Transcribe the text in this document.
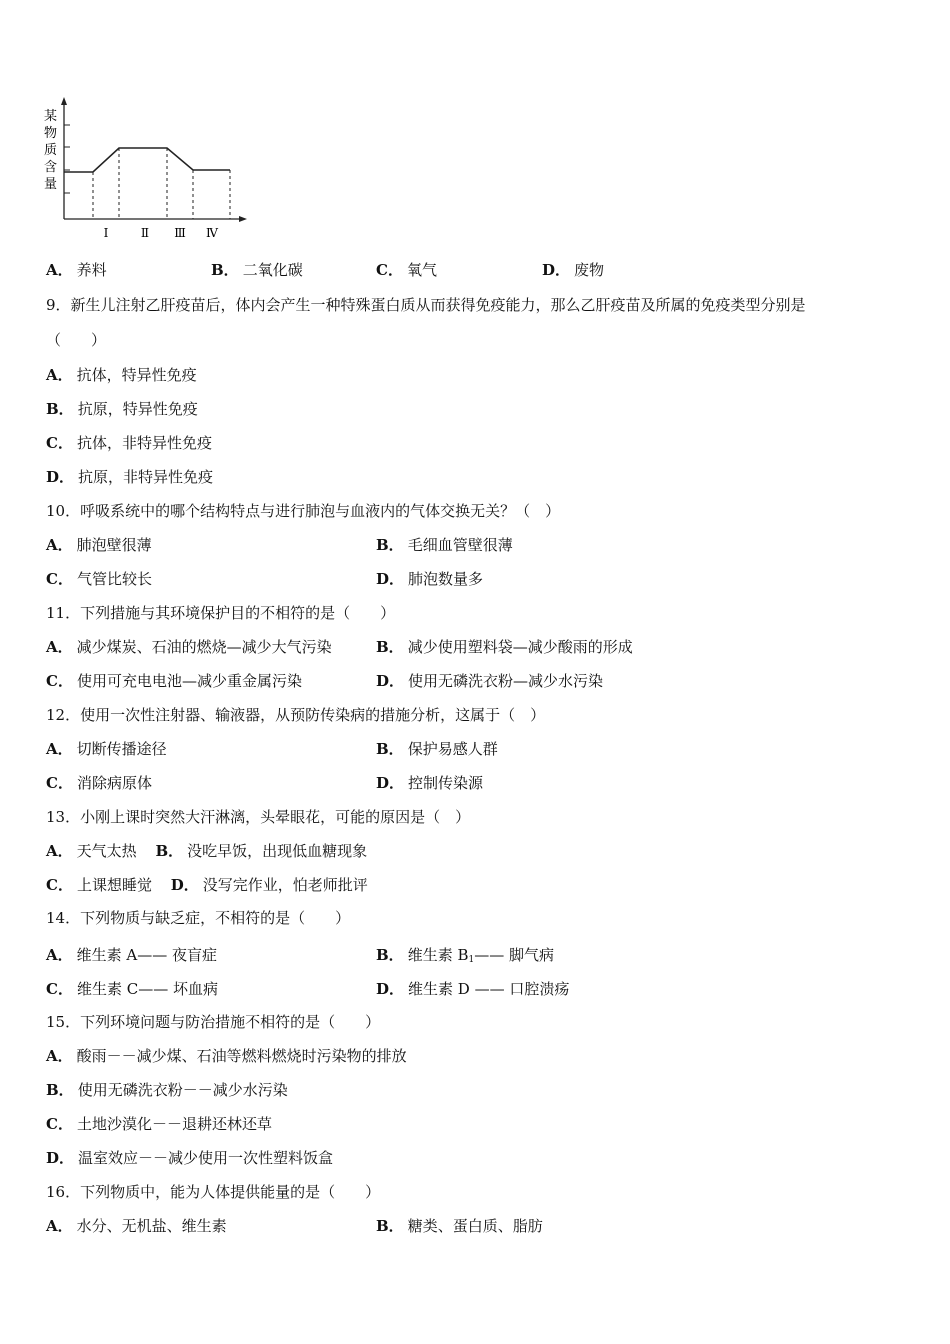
某
物
质
含
量
Ⅰ	Ⅱ Ⅲ Ⅳ
A． 养料	B． 二氧化碳	C． 氧气	D． 废物
9．新生儿注射乙肝疫苗后，体内会产生一种特殊蛋白质从而获得免疫能力，那么乙肝疫苗及所属的免疫类型分别是
（　　）
A． 抗体，特异性免疫
B． 抗原，特异性免疫
C． 抗体，非特异性免疫
D． 抗原，非特异性免疫
10．呼吸系统中的哪个结构特点与进行肺泡与血液内的气体交换无关？（　）
A． 肺泡壁很薄	B． 毛细血管壁很薄
C． 气管比较长	D． 肺泡数量多
11．下列措施与其环境保护目的不相符的是（　　）
A． 减少煤炭、石油的燃烧—减少大气污染	B． 减少使用塑料袋—减少酸雨的形成
C． 使用可充电电池—减少重金属污染	D． 使用无磷洗衣粉—减少水污染
12．使用一次性注射器、输液器，从预防传染病的措施分析，这属于（　）
A． 切断传播途径	B． 保护易感人群
C． 消除病原体	D． 控制传染源
13．小刚上课时突然大汗淋漓，头晕眼花，可能的原因是（　）
A． 天气太热 B． 没吃早饭，出现低血糖现象
C． 上课想睡觉 D． 没写完作业，怕老师批评
14．下列物质与缺乏症，不相符的是（　　）
A． 维生素 A—— 夜盲症	B． 维生素 $B_1——$ 脚气病
C． 维生素 C—— 坏血病	D． 维生素 D —— 口腔溃疡
15．下列环境问题与防治措施不相符的是（　　）
A． 酸雨－－减少煤、石油等燃料燃烧时污染物的排放
B． 使用无磷洗衣粉－－减少水污染
C． 土地沙漠化－－退耕还林还草
D． 温室效应－－减少使用一次性塑料饭盒
16．下列物质中，能为人体提供能量的是（　　）
A． 水分、无机盐、维生素	B． 糖类、蛋白质、脂肪
